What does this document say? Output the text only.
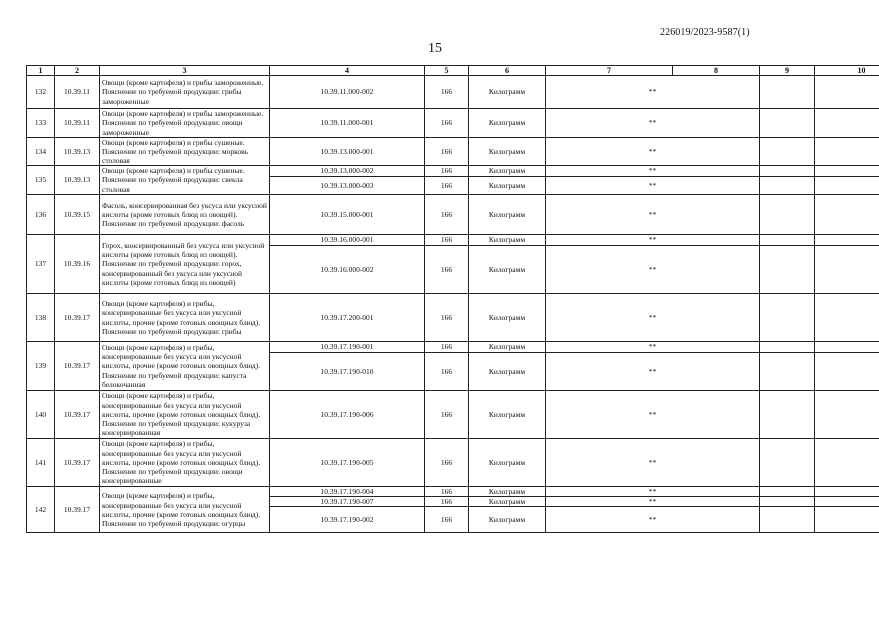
226019/2023-9587(1)
15
1	2	3	4	5	6	7	8	9	10
132	10.39.11	Овощи (кроме картофеля) и грибы замороженные. Пояснение по требуемой продукции: грибы замороженные	10.39.11.000-002	166	Килограмм	**			
133	10.39.11	Овощи (кроме картофеля) и грибы замороженные. Пояснение по требуемой продукции: овощи замороженные	10.39.11.000-001	166	Килограмм	**			
134	10.39.13	Овощи (кроме картофеля) и грибы сушеные. Пояснение по требуемой продукции: морковь столовая	10.39.13.000-001	166	Килограмм	**			
135	10.39.13	Овощи (кроме картофеля) и грибы сушеные. Пояснение по требуемой продукции: свекла столовая	10.39.13.000-002	166	Килограмм	**			
			10.39.13.000-003	166	Килограмм	**			
136	10.39.15	Фасоль, консервированная без уксуса или уксусной кислоты (кроме готовых блюд из овощей). Пояснение по требуемой продукции: фасоль	10.39.15.000-001	166	Килограмм	**			
137	10.39.16	Горох, консервированный без уксуса или уксусной кислоты (кроме готовых блюд из овощей). Пояснение по требуемой продукции: горох, консервированный без уксуса или уксусной кислоты (кроме готовых блюд из овощей)	10.39.16.000-001	166	Килограмм	**			
			10.39.16.000-002	166	Килограмм	**			
138	10.39.17	Овощи (кроме картофеля) и грибы, консервированные без уксуса или уксусной кислоты, прочие (кроме готовых овощных блюд). Пояснение по требуемой продукции: грибы	10.39.17.200-001	166	Килограмм	**			
139	10.39.17	Овощи (кроме картофеля) и грибы, консервированные без уксуса или уксусной кислоты, прочие (кроме готовых овощных блюд). Пояснение по требуемой продукции: капуста белокочанная	10.39.17.190-001	166	Килограмм	**			
			10.39.17.190-010	166	Килограмм	**			
140	10.39.17	Овощи (кроме картофеля) и грибы, консервированные без уксуса или уксусной кислоты, прочие (кроме готовых овощных блюд). Пояснение по требуемой продукции: кукуруза консервированная	10.39.17.190-006	166	Килограмм	**			
141	10.39.17	Овощи (кроме картофеля) и грибы, консервированные без уксуса или уксусной кислоты, прочие (кроме готовых овощных блюд). Пояснение по требуемой продукции: овощи консервированные	10.39.17.190-005	166	Килограмм	**			
142	10.39.17	Овощи (кроме картофеля) и грибы, консервированные без уксуса или уксусной кислоты, прочие (кроме готовых овощных блюд). Пояснение по требуемой продукции: огурцы	10.39.17.190-004	166	Килограмм	**			
			10.39.17.190-007	166	Килограмм	**			
			10.39.17.190-002	166	Килограмм	**			
